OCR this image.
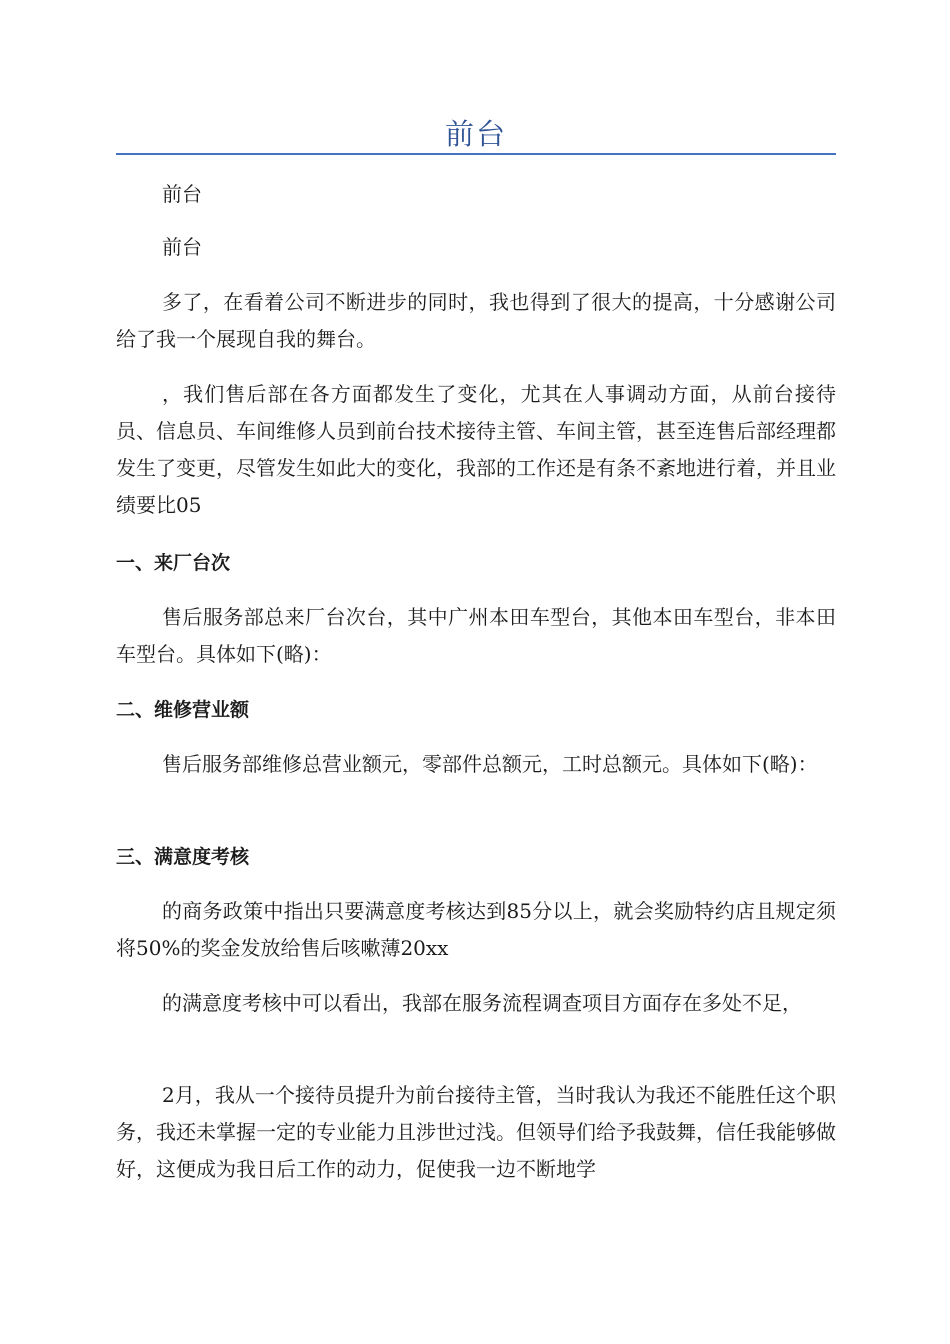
前台
前台
前台
多了，在看着公司不断进步的同时，我也得到了很大的提高，十分感谢公司给了我一个展现自我的舞台。
，我们售后部在各方面都发生了变化，尤其在人事调动方面，从前台接待员、信息员、车间维修人员到前台技术接待主管、车间主管，甚至连售后部经理都发生了变更，尽管发生如此大的变化，我部的工作还是有条不紊地进行着，并且业绩要比05
一、来厂台次
售后服务部总来厂台次台，其中广州本田车型台，其他本田车型台，非本田车型台。具体如下(略)：
二、维修营业额
售后服务部维修总营业额元，零部件总额元，工时总额元。具体如下(略)：
三、满意度考核
的商务政策中指出只要满意度考核达到85分以上，就会奖励特约店且规定须将50%的奖金发放给售后咳嗽薄20xx
的满意度考核中可以看出，我部在服务流程调查项目方面存在多处不足，
2月，我从一个接待员提升为前台接待主管，当时我认为我还不能胜任这个职务，我还未掌握一定的专业能力且涉世过浅。但领导们给予我鼓舞，信任我能够做好，这便成为我日后工作的动力，促使我一边不断地学
